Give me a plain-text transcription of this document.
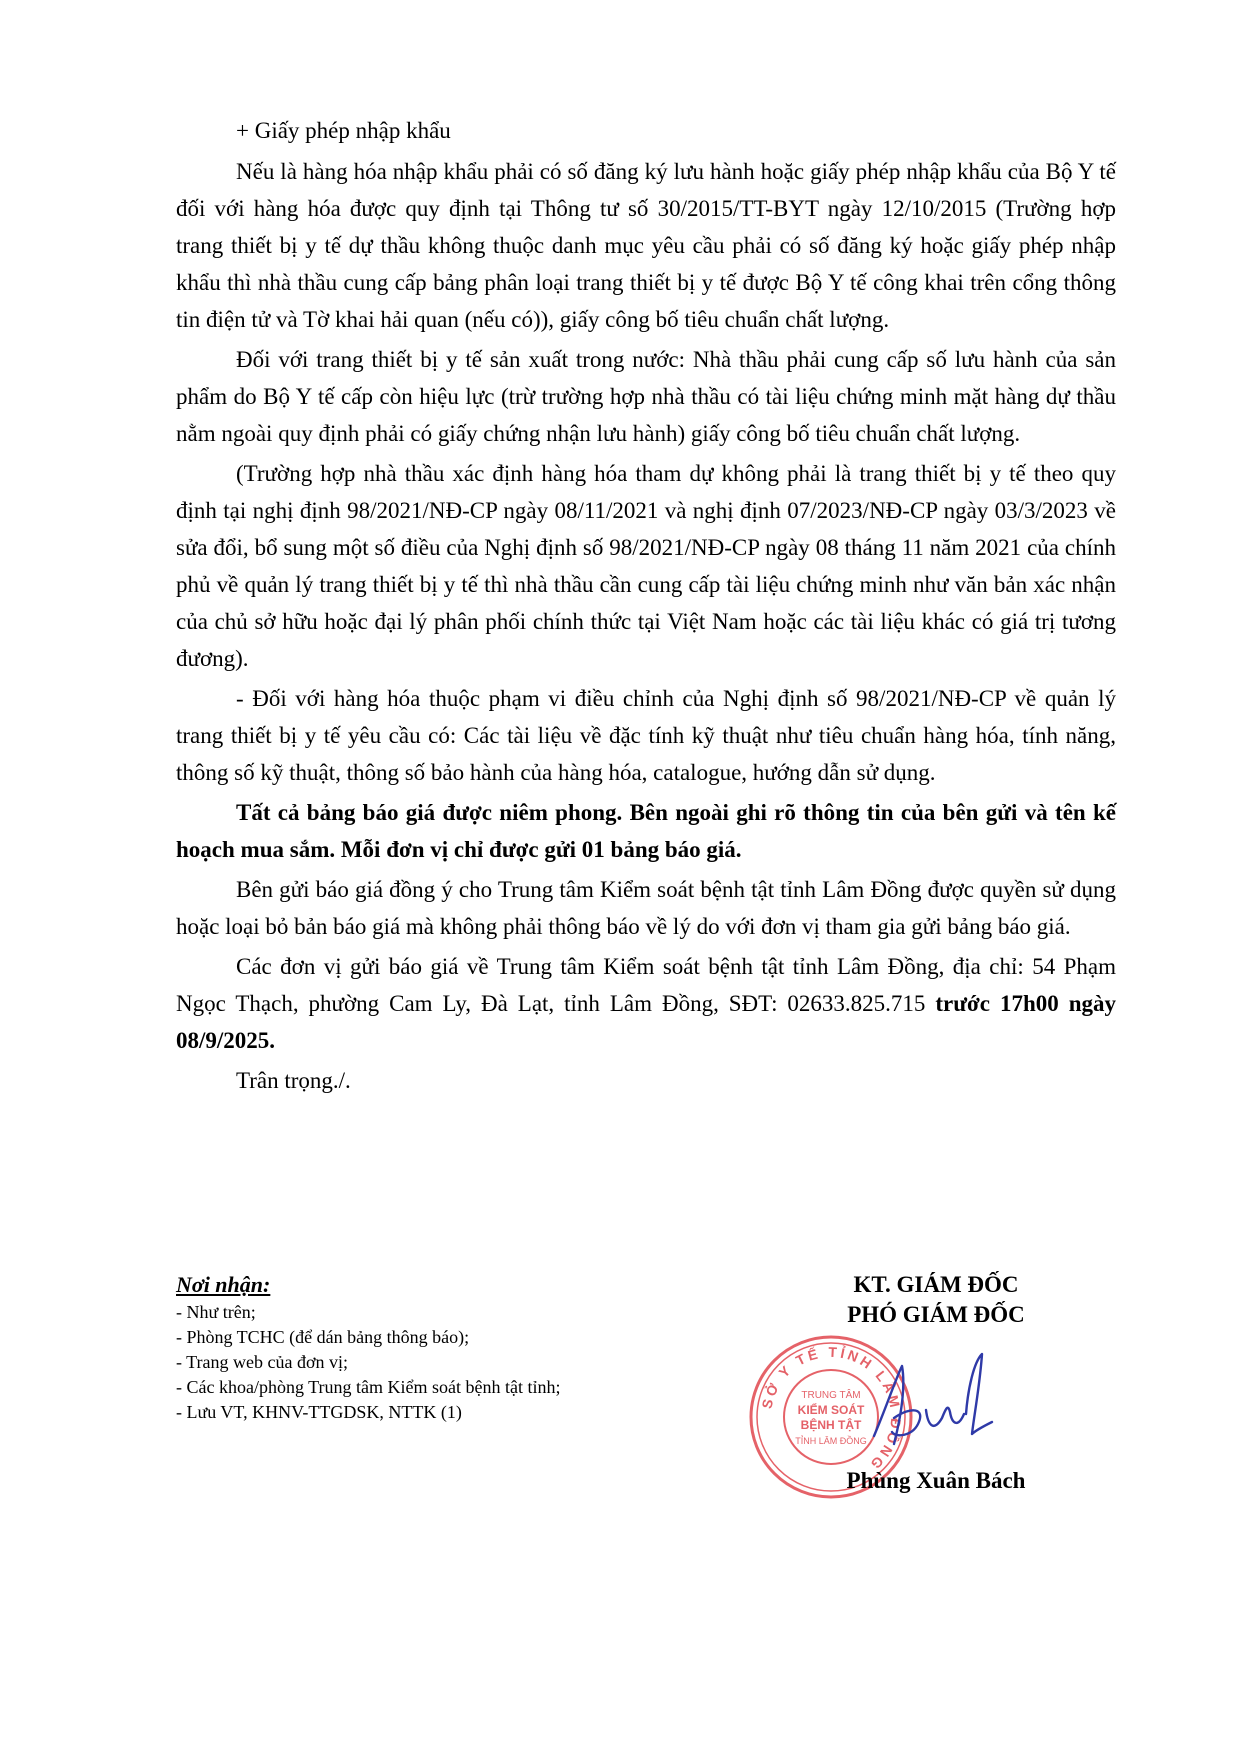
+ Giấy phép nhập khẩu

Nếu là hàng hóa nhập khẩu phải có số đăng ký lưu hành hoặc giấy phép nhập khẩu của Bộ Y tế đối với hàng hóa được quy định tại Thông tư số 30/2015/TT-BYT ngày 12/10/2015 (Trường hợp trang thiết bị y tế dự thầu không thuộc danh mục yêu cầu phải có số đăng ký hoặc giấy phép nhập khẩu thì nhà thầu cung cấp bảng phân loại trang thiết bị y tế được Bộ Y tế công khai trên cổng thông tin điện tử và Tờ khai hải quan (nếu có)), giấy công bố tiêu chuẩn chất lượng.

Đối với trang thiết bị y tế sản xuất trong nước: Nhà thầu phải cung cấp số lưu hành của sản phẩm do Bộ Y tế cấp còn hiệu lực (trừ trường hợp nhà thầu có tài liệu chứng minh mặt hàng dự thầu nằm ngoài quy định phải có giấy chứng nhận lưu hành) giấy công bố tiêu chuẩn chất lượng.

(Trường hợp nhà thầu xác định hàng hóa tham dự không phải là trang thiết bị y tế theo quy định tại nghị định 98/2021/NĐ-CP ngày 08/11/2021 và nghị định 07/2023/NĐ-CP ngày 03/3/2023 về sửa đổi, bổ sung một số điều của Nghị định số 98/2021/NĐ-CP ngày 08 tháng 11 năm 2021 của chính phủ về quản lý trang thiết bị y tế thì nhà thầu cần cung cấp tài liệu chứng minh như văn bản xác nhận của chủ sở hữu hoặc đại lý phân phối chính thức tại Việt Nam hoặc các tài liệu khác có giá trị tương đương).

- Đối với hàng hóa thuộc phạm vi điều chỉnh của Nghị định số 98/2021/NĐ-CP về quản lý trang thiết bị y tế yêu cầu có: Các tài liệu về đặc tính kỹ thuật như tiêu chuẩn hàng hóa, tính năng, thông số kỹ thuật, thông số bảo hành của hàng hóa, catalogue, hướng dẫn sử dụng.

Tất cả bảng báo giá được niêm phong. Bên ngoài ghi rõ thông tin của bên gửi và tên kế hoạch mua sắm. Mỗi đơn vị chỉ được gửi 01 bảng báo giá.

Bên gửi báo giá đồng ý cho Trung tâm Kiểm soát bệnh tật tỉnh Lâm Đồng được quyền sử dụng hoặc loại bỏ bản báo giá mà không phải thông báo về lý do với đơn vị tham gia gửi bảng báo giá.

Các đơn vị gửi báo giá về Trung tâm Kiểm soát bệnh tật tỉnh Lâm Đồng, địa chỉ: 54 Phạm Ngọc Thạch, phường Cam Ly, Đà Lạt, tỉnh Lâm Đồng, SĐT: 02633.825.715 trước 17h00 ngày 08/9/2025.

Trân trọng./.

Nơi nhận:
- Như trên;
- Phòng TCHC (để dán bảng thông báo);
- Trang web của đơn vị;
- Các khoa/phòng Trung tâm Kiểm soát bệnh tật tỉnh;
- Lưu VT, KHNV-TTGDSK, NTTK (1)	SỞ Y TẾ TỈNH LÂM ĐỒNG
TRUNG TÂM
KIỂM SOÁT
BỆNH TẬT
TỈNH LÂM ĐỒNG
KT. GIÁM ĐỐC
PHÓ GIÁM ĐỐC
Phùng Xuân Bách
